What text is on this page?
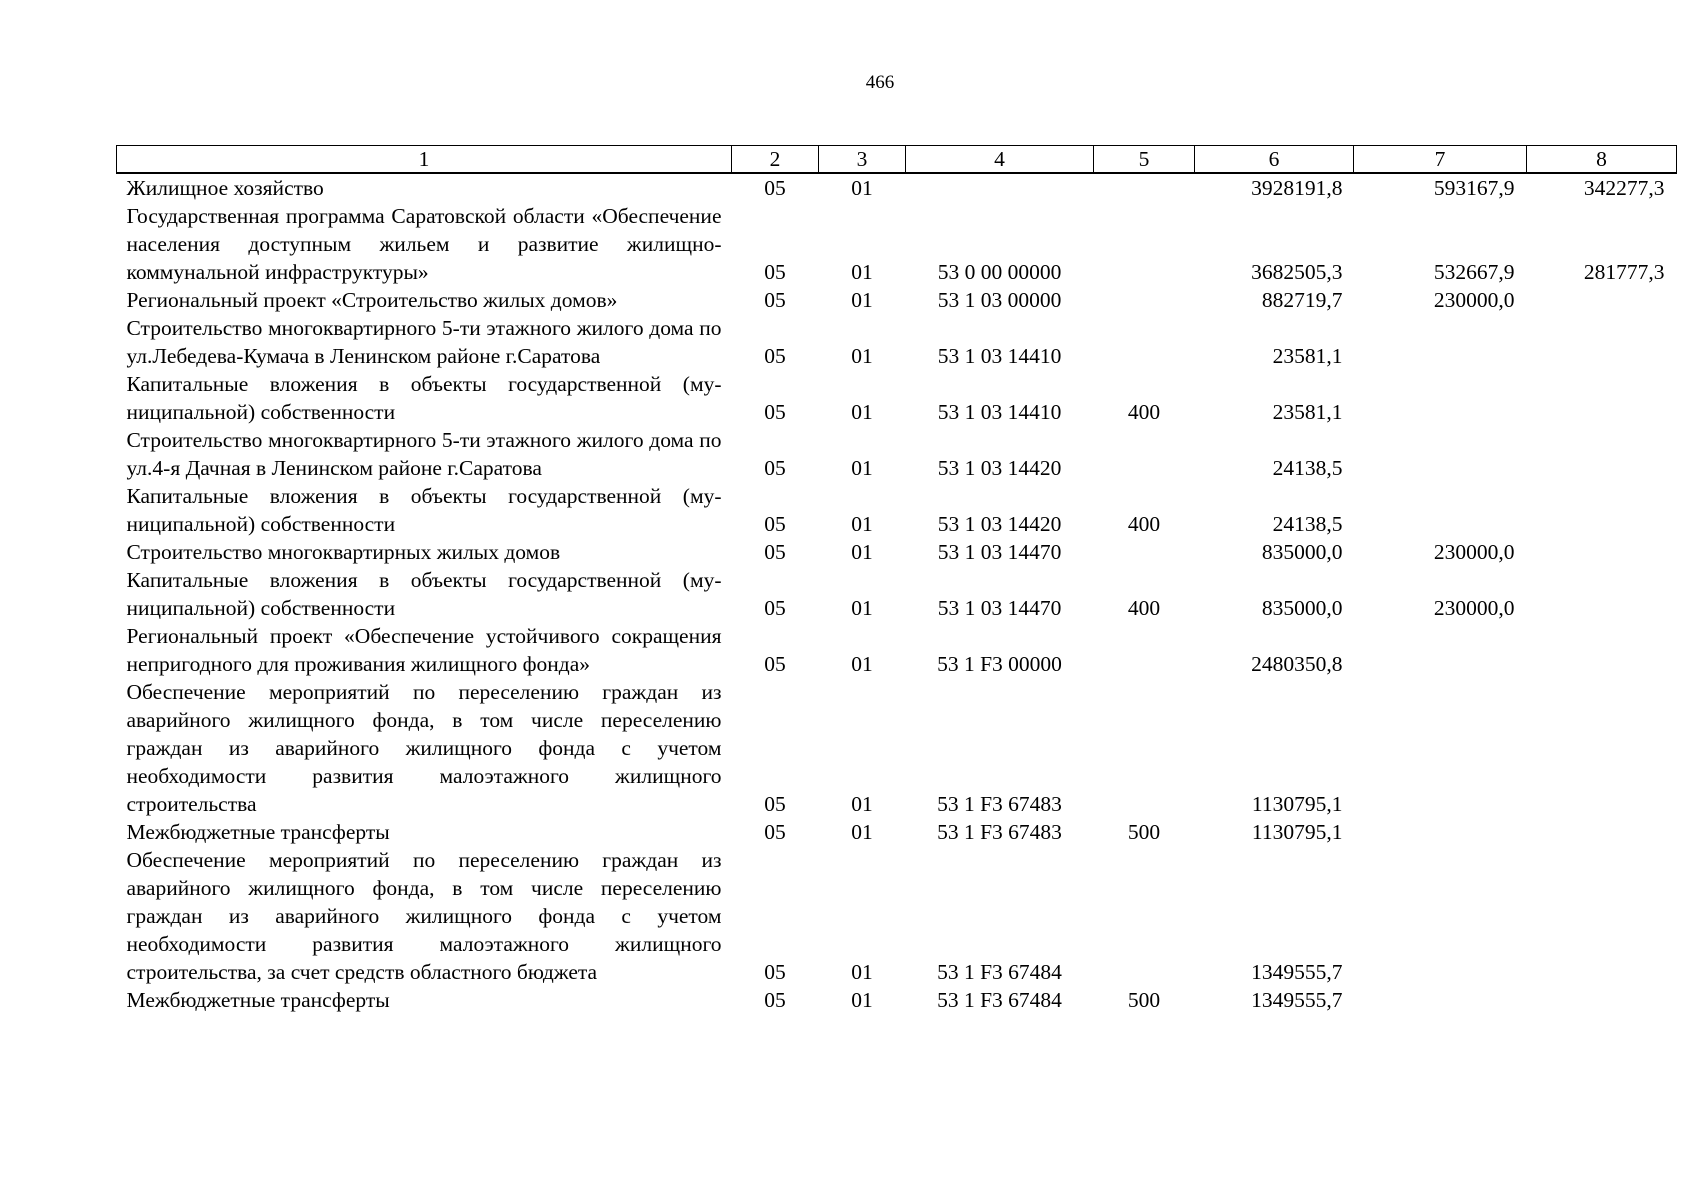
466
1	2	3	4	5	6	7	8
Жилищное хозяйство	05	01			3928191,8	593167,9	342277,3
Государственная программа Саратовской области «Обеспечение населения доступным жильем и развитие жилищно-коммунальной инфраструктуры»	05	01	53 0 00 00000		3682505,3	532667,9	281777,3
Региональный проект «Строительство жилых домов»	05	01	53 1 03 00000		882719,7	230000,0	
Строительство многоквартирного 5-ти этажного жилого дома по ул.Лебедева-Кумача в Ленинском районе г.Саратова	05	01	53 1 03 14410		23581,1		
Капитальные вложения в объекты государственной (муниципальной) собственности	05	01	53 1 03 14410	400	23581,1		
Строительство многоквартирного 5-ти этажного жилого дома по ул.4-я Дачная в Ленинском районе г.Саратова	05	01	53 1 03 14420		24138,5		
Капитальные вложения в объекты государственной (муниципальной) собственности	05	01	53 1 03 14420	400	24138,5		
Строительство многоквартирных жилых домов	05	01	53 1 03 14470		835000,0	230000,0	
Капитальные вложения в объекты государственной (муниципальной) собственности	05	01	53 1 03 14470	400	835000,0	230000,0	
Региональный проект «Обеспечение устойчивого сокращения непригодного для проживания жилищного фонда»	05	01	53 1 F3 00000		2480350,8		
Обеспечение мероприятий по переселению граждан из аварийного жилищного фонда, в том числе переселению граждан из аварийного жилищного фонда с учетом необходимости развития малоэтажного жилищного строительства	05	01	53 1 F3 67483		1130795,1		
Межбюджетные трансферты	05	01	53 1 F3 67483	500	1130795,1		
Обеспечение мероприятий по переселению граждан из аварийного жилищного фонда, в том числе переселению граждан из аварийного жилищного фонда с учетом необходимости развития малоэтажного жилищного строительства, за счет средств областного бюджета	05	01	53 1 F3 67484		1349555,7		
Межбюджетные трансферты	05	01	53 1 F3 67484	500	1349555,7		
